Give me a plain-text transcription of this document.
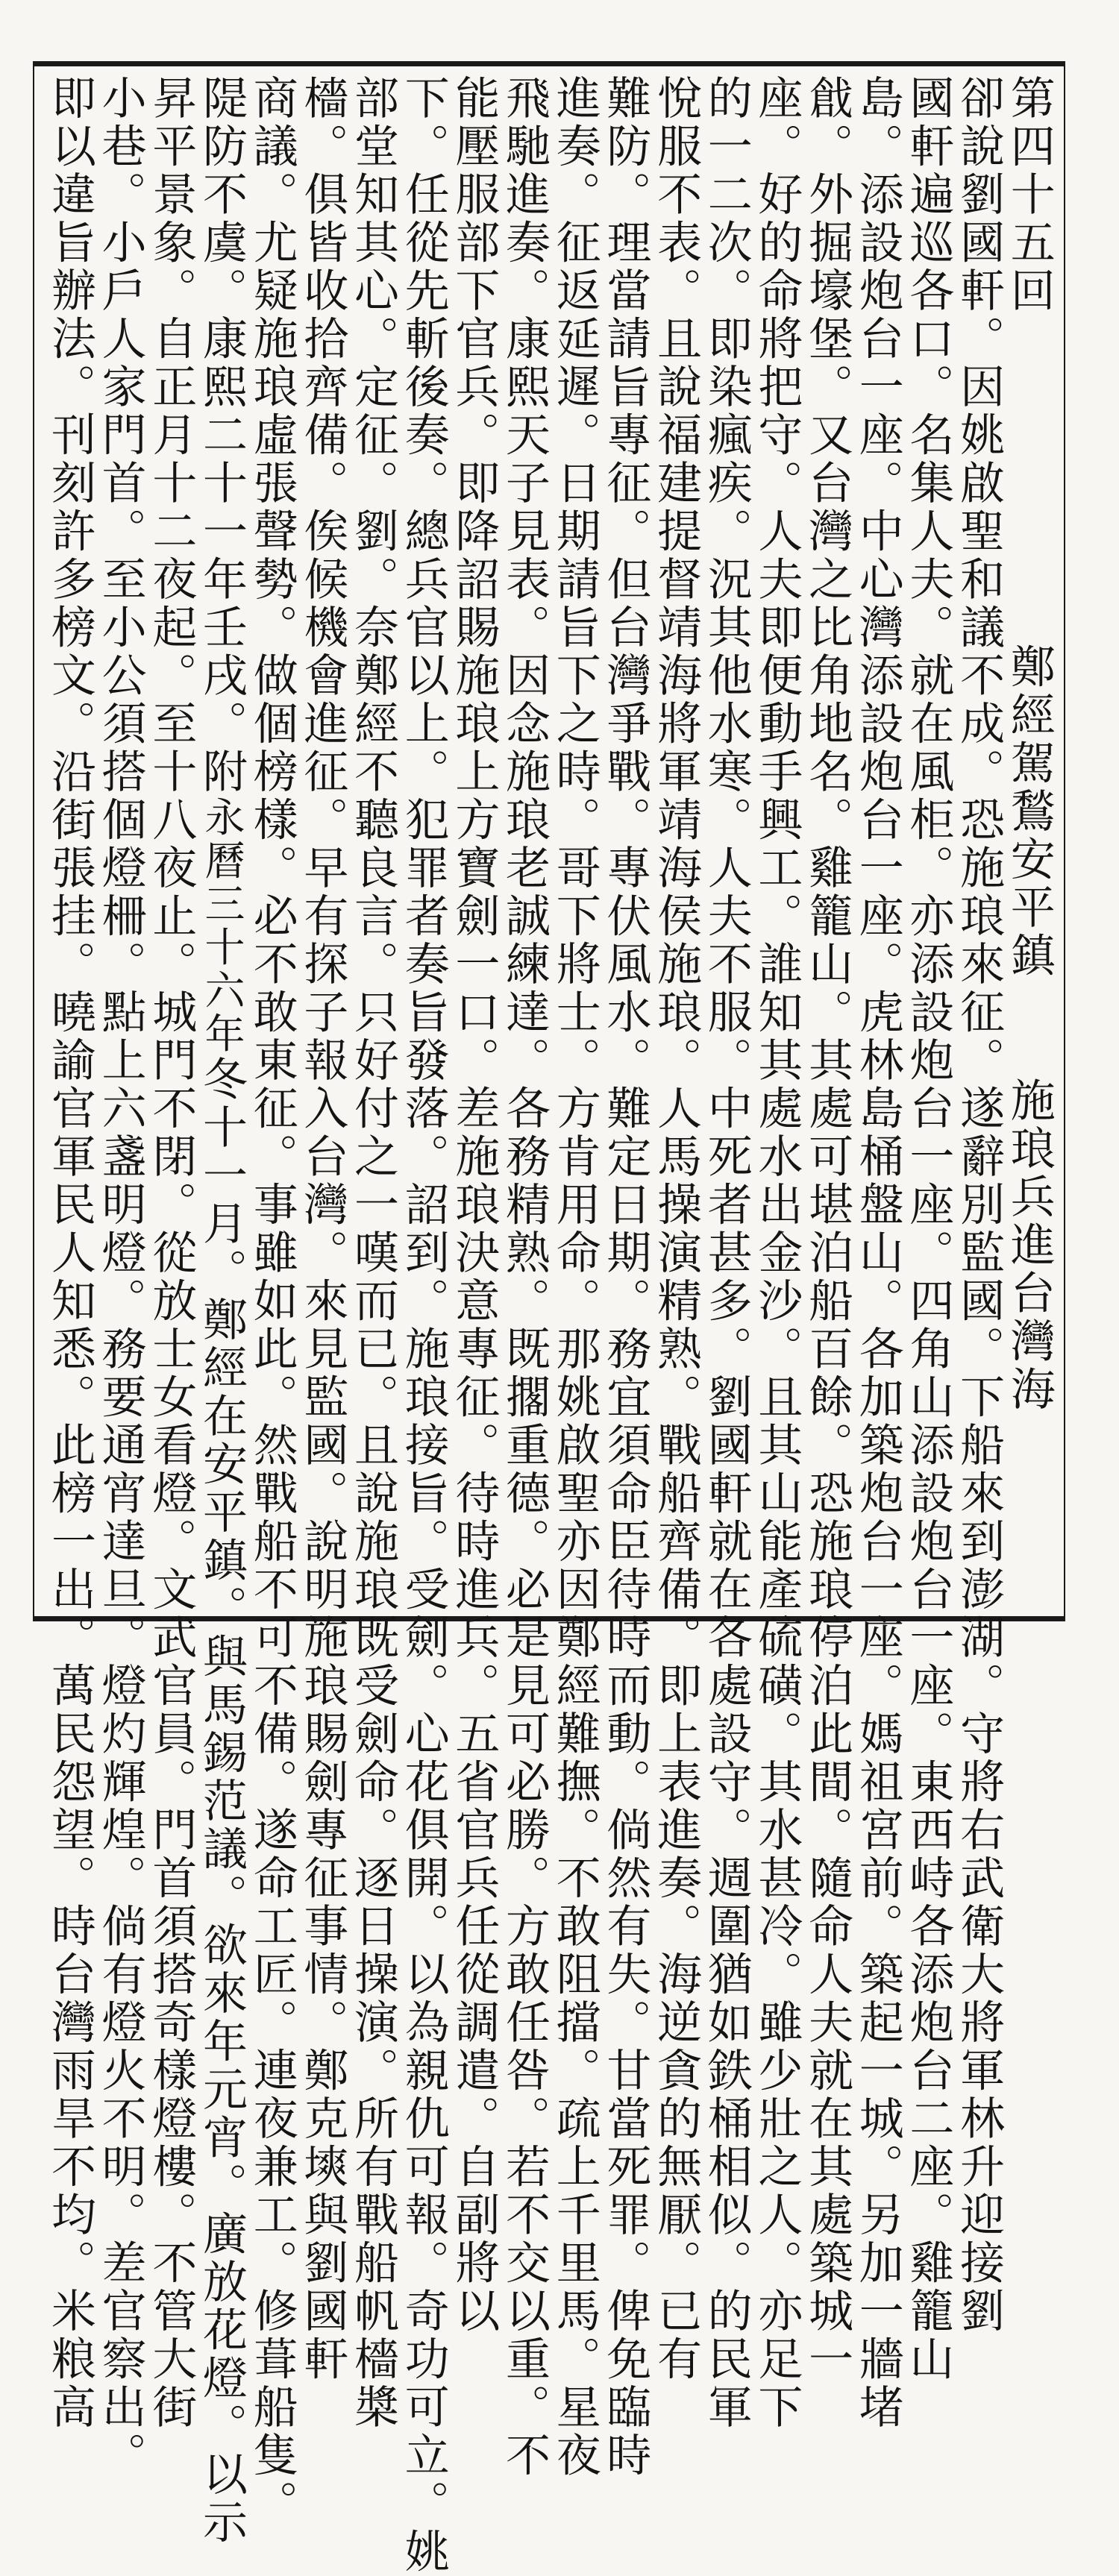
第四十五回鄭經駕鶖安平鎮施琅兵進台灣海
卻說劉國軒。因姚啟聖和議不成。恐施琅來征。遂辭別監國。下船來到澎湖。守將右武衛大將軍林升迎接劉
國軒遍巡各口。名集人夫。就在風柜。亦添設炮台一座。四角山添設炮台一座。東西峙各添炮台二座。雞籠山
島。添設炮台一座。中心灣添設炮台一座。虎林島桶盤山。各加築炮台一座。媽祖宮前。築起一城。另加一牆堵
戧。外掘壕堡。又台灣之比角地名。雞籠山。其處可堪泊船百餘。恐施琅停泊此間。隨命人夫就在其處築城一
座。好的命將把守。人夫即便動手興工。誰知其處水出金沙。且其山能產硫磺。其水甚冷。雖少壯之人。亦足下
的一二次。即染瘋疾。況其他水寒。人夫不服。中死者甚多。劉國軒就在各處設守。週圍猶如鉄桶相似。的民軍
悅服不表。且說福建提督靖海將軍靖海侯施琅。人馬操演精熟。戰船齊備。即上表進奏。海逆貪的無厭。已有
難防。理當請旨專征。但台灣爭戰。專伏風水。難定日期。務宜須命臣待時而動。倘然有失。甘當死罪。俾免臨時
進奏。征返延遲。日期請旨下之時。哥下將士。方肯用命。那姚啟聖亦因鄭經難撫。不敢阻擋。疏上千里馬。星夜
飛馳進奏。康熙天子見表。因念施琅老誠練達。各務精熟。既擱重德。必是見可必勝。方敢任咎。若不交以重。不
能壓服部下官兵。即降詔賜施琅上方寶劍一口。差施琅決意專征。待時進兵。五省官兵任從調遣。自副將以
下。任從先斬後奏。總兵官以上。犯罪者奏旨發落。詔到。施琅接旨。受劍。心花俱開。以為親仇可報。奇功可立。姚
部堂知其心。定征。劉。奈鄭經不聽良言。只好付之一嘆而已。且說施琅既受劍命。逐日操演。所有戰船帆檣槳
檣。俱皆收拾齊備。俟候機會進征。早有探子報入台灣。來見監國。說明施琅賜劍專征事情。鄭克塽與劉國軒
商議。尤疑施琅虛張聲勢。做個榜樣。必不敢東征。事雖如此。然戰船不可不備。遂命工匠。連夜兼工。修葺船隻。
隄防不虞。康熙二十一年壬戌。附永曆三十六年冬十一月。鄭經在安平鎮。與馬錫范議。欲來年元宵。廣放花燈。以示
昇平景象。自正月十二夜起。至十八夜止。城門不閉。從放士女看燈。文武官員。門首須搭奇樣燈樓。不管大街
小巷。小戶人家門首。至小公須搭個燈柵。點上六盞明燈。務要通宵達旦。燈灼輝煌。倘有燈火不明。差官察出。
即以違旨辦法。刊刻許多榜文。沿街張挂。曉諭官軍民人知悉。此榜一出。萬民怨望。時台灣雨旱不均。米粮高
